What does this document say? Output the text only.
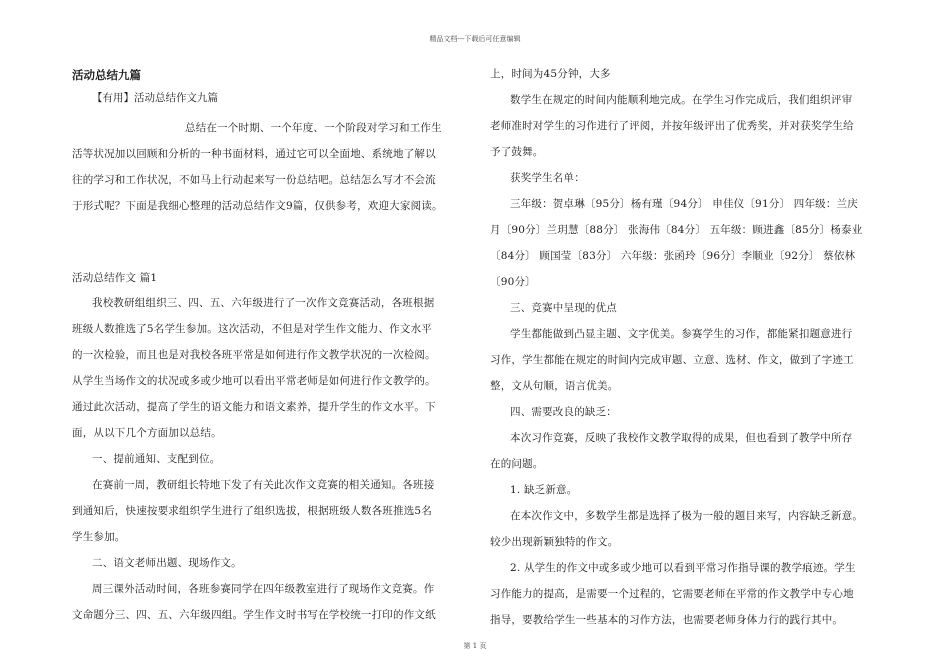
精品文档---下载后可任意编辑
活动总结九篇
【有用】活动总结作文九篇
总结在一个时期、一个年度、一个阶段对学习和工作生
活等状况加以回顾和分析的一种书面材料，通过它可以全面地、系统地了解以
往的学习和工作状况，不如马上行动起来写一份总结吧。总结怎么写才不会流
于形式呢？下面是我细心整理的活动总结作文9篇，仅供参考，欢迎大家阅读。
活动总结作文 篇1
我校教研组组织三、四、五、六年级进行了一次作文竞赛活动，各班根据
班级人数推选了5名学生参加。这次活动，不但是对学生作文能力、作文水平
的一次检验，而且也是对我校各班平常是如何进行作文教学状况的一次检阅。
从学生当场作文的状况或多或少地可以看出平常老师是如何进行作文教学的。
通过此次活动，提高了学生的语文能力和语文素养，提升学生的作文水平。下
面，从以下几个方面加以总结。
一、提前通知、支配到位。
在赛前一周，教研组长特地下发了有关此次作文竞赛的相关通知。各班接
到通知后，快速按要求组织学生进行了组织选拔，根据班级人数各班推选5名
学生参加。
二、语文老师出题、现场作文。
周三课外活动时间，各班参赛同学在四年级教室进行了现场作文竞赛。作
文命题分三、四、五、六年级四组。学生作文时书写在学校统一打印的作文纸
上，时间为45分钟，大多
数学生在规定的时间内能顺利地完成。在学生习作完成后，我们组织评审
老师准时对学生的习作进行了评阅，并按年级评出了优秀奖，并对获奖学生给
予了鼓舞。
获奖学生名单：
三年级：贺卓琳〔95分〕杨有瑾〔94分〕 申佳仪〔91分〕 四年级：兰庆
月〔90分〕兰玥慧〔88分〕 张海伟〔84分〕 五年级：顾进鑫〔85分〕杨泰业
〔84分〕 顾国莹〔83分〕 六年级：张函玲〔96分〕李顺业〔92分〕 蔡依林
〔90分〕
三、竞赛中呈现的优点
学生都能做到凸显主题、文字优美。参赛学生的习作，都能紧扣题意进行
习作，学生都能在规定的时间内完成审题、立意、选材、作文，做到了字迹工
整，文从句顺，语言优美。
四、需要改良的缺乏：
本次习作竞赛，反映了我校作文教学取得的成果，但也看到了教学中所存
在的问题。
1. 缺乏新意。
在本次作文中，多数学生都是选择了极为一般的题目来写，内容缺乏新意。
较少出现新颖独特的作文。
2. 从学生的作文中或多或少地可以看到平常习作指导课的教学痕迹。学生
习作能力的提高，是需要一个过程的，它需要老师在平常的作文教学中专心地
指导，要教给学生一些基本的习作方法，也需要老师身体力行的践行其中。
第 1 页
